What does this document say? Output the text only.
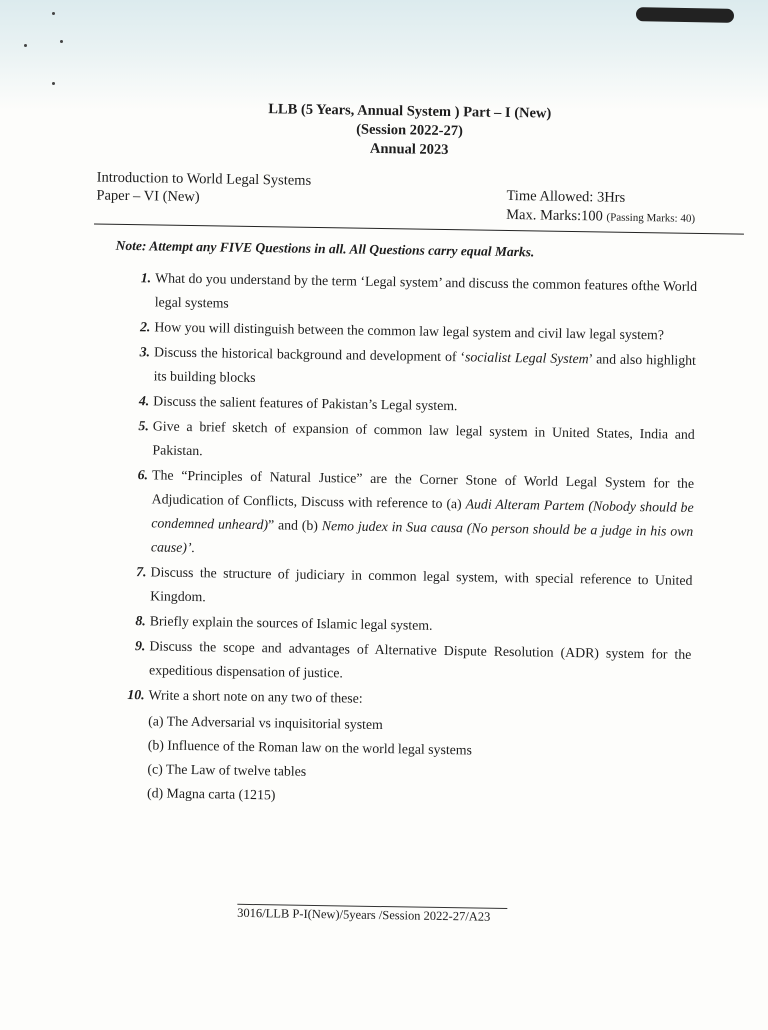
LLB (5 Years, Annual System ) Part – I (New)
(Session 2022-27)
Annual 2023
Introduction to World Legal Systems
Paper – VI (New)	Time Allowed: 3Hrs
Max. Marks:100 (Passing Marks: 40)
Note: Attempt any FIVE Questions in all. All Questions carry equal Marks.
1. What do you understand by the term ‘Legal system’ and discuss the common features ofthe World legal systems
2. How you will distinguish between the common law legal system and civil law legal system?
3. Discuss the historical background and development of ‘socialist Legal System’ and also highlight its building blocks
4. Discuss the salient features of Pakistan’s Legal system.
5. Give a brief sketch of expansion of common law legal system in United States, India and Pakistan.
6. The “Principles of Natural Justice” are the Corner Stone of World Legal System for the Adjudication of Conflicts, Discuss with reference to (a) Audi Alteram Partem (Nobody should be condemned unheard)” and (b) Nemo judex in Sua causa (No person should be a judge in his own cause)’.
7. Discuss the structure of judiciary in common legal system, with special reference to United Kingdom.
8. Briefly explain the sources of Islamic legal system.
9. Discuss the scope and advantages of Alternative Dispute Resolution (ADR) system for the expeditious dispensation of justice.
10. Write a short note on any two of these:
(a) The Adversarial vs inquisitorial system
(b) Influence of the Roman law on the world legal systems
(c) The Law of twelve tables
(d) Magna carta (1215)
3016/LLB P-I(New)/5years /Session 2022-27/A23
